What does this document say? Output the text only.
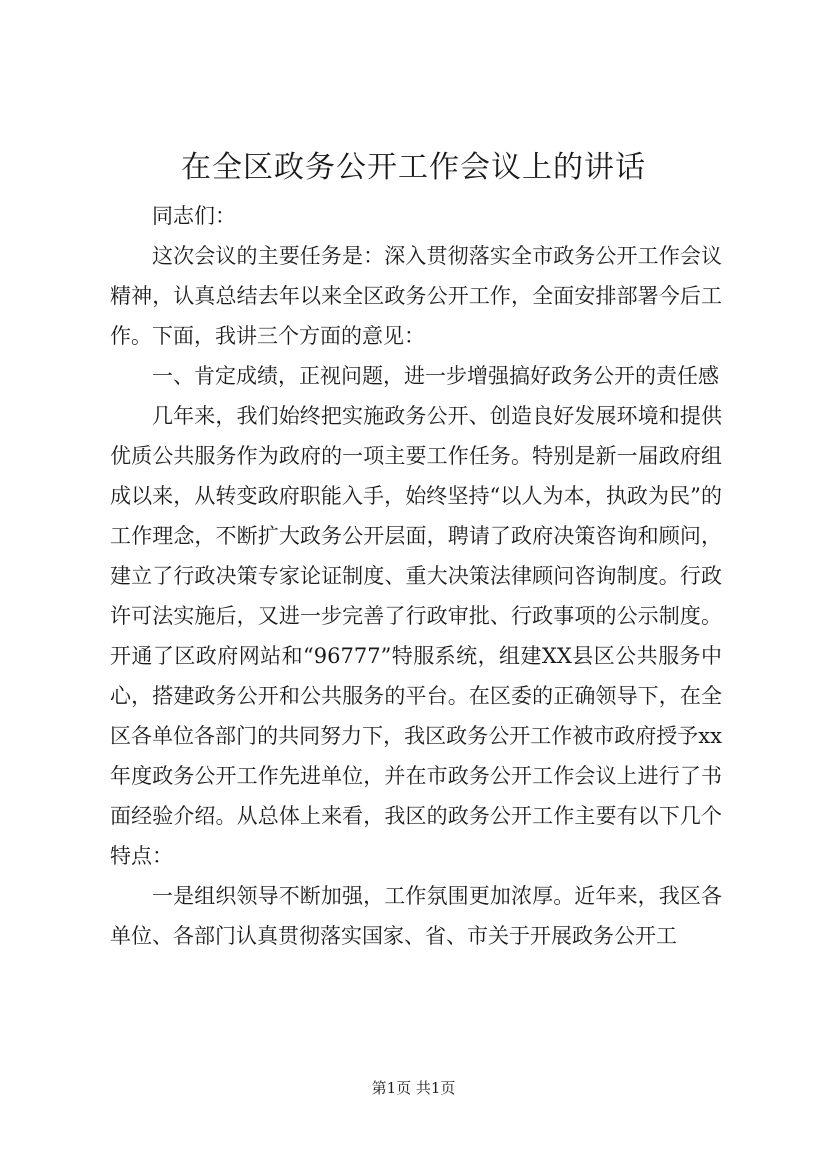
在全区政务公开工作会议上的讲话

同志们：

这次会议的主要任务是：深入贯彻落实全市政务公开工作会议精神，认真总结去年以来全区政务公开工作，全面安排部署今后工作。下面，我讲三个方面的意见：

一、肯定成绩，正视问题，进一步增强搞好政务公开的责任感

几年来，我们始终把实施政务公开、创造良好发展环境和提供优质公共服务作为政府的一项主要工作任务。特别是新一届政府组成以来，从转变政府职能入手，始终坚持“以人为本，执政为民”的工作理念，不断扩大政务公开层面，聘请了政府决策咨询和顾问，建立了行政决策专家论证制度、重大决策法律顾问咨询制度。行政许可法实施后，又进一步完善了行政审批、行政事项的公示制度。开通了区政府网站和“96777”特服系统，组建XX县区公共服务中心，搭建政务公开和公共服务的平台。在区委的正确领导下，在全区各单位各部门的共同努力下，我区政务公开工作被市政府授予xx年度政务公开工作先进单位，并在市政务公开工作会议上进行了书面经验介绍。从总体上来看，我区的政务公开工作主要有以下几个特点：

一是组织领导不断加强，工作氛围更加浓厚。近年来，我区各单位、各部门认真贯彻落实国家、省、市关于开展政务公开工

第1页 共1页
